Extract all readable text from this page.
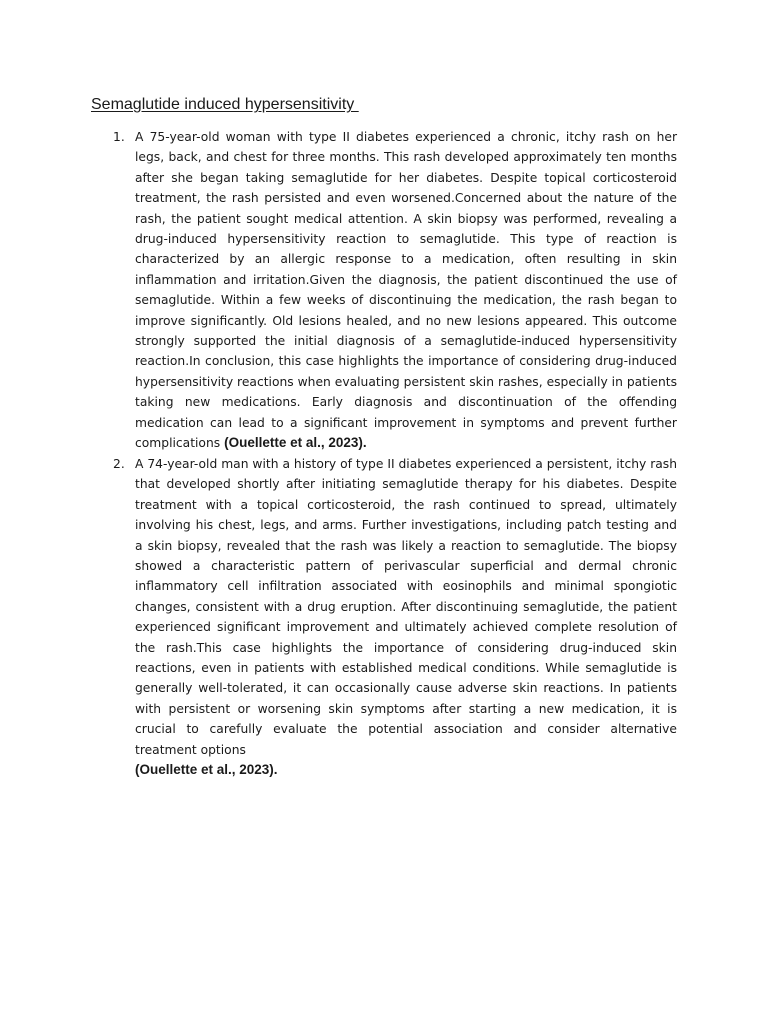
Semaglutide induced hypersensitivity
1. A 75-year-old woman with type II diabetes experienced a chronic, itchy rash on her legs, back, and chest for three months. This rash developed approximately ten months after she began taking semaglutide for her diabetes. Despite topical corticosteroid treatment, the rash persisted and even worsened.Concerned about the nature of the rash, the patient sought medical attention. A skin biopsy was performed, revealing a drug-induced hypersensitivity reaction to semaglutide. This type of reaction is characterized by an allergic response to a medication, often resulting in skin inflammation and irritation.Given the diagnosis, the patient discontinued the use of semaglutide. Within a few weeks of discontinuing the medication, the rash began to improve significantly. Old lesions healed, and no new lesions appeared. This outcome strongly supported the initial diagnosis of a semaglutide-induced hypersensitivity reaction.In conclusion, this case highlights the importance of considering drug-induced hypersensitivity reactions when evaluating persistent skin rashes, especially in patients taking new medications. Early diagnosis and discontinuation of the offending medication can lead to a significant improvement in symptoms and prevent further complications (Ouellette et al., 2023).

2. A 74-year-old man with a history of type II diabetes experienced a persistent, itchy rash that developed shortly after initiating semaglutide therapy for his diabetes. Despite treatment with a topical corticosteroid, the rash continued to spread, ultimately involving his chest, legs, and arms. Further investigations, including patch testing and a skin biopsy, revealed that the rash was likely a reaction to semaglutide. The biopsy showed a characteristic pattern of perivascular superficial and dermal chronic inflammatory cell infiltration associated with eosinophils and minimal spongiotic changes, consistent with a drug eruption. After discontinuing semaglutide, the patient experienced significant improvement and ultimately achieved complete resolution of the rash.This case highlights the importance of considering drug-induced skin reactions, even in patients with established medical conditions. While semaglutide is generally well-tolerated, it can occasionally cause adverse skin reactions. In patients with persistent or worsening skin symptoms after starting a new medication, it is crucial to carefully evaluate the potential association and consider alternative treatment options
(Ouellette et al., 2023).
